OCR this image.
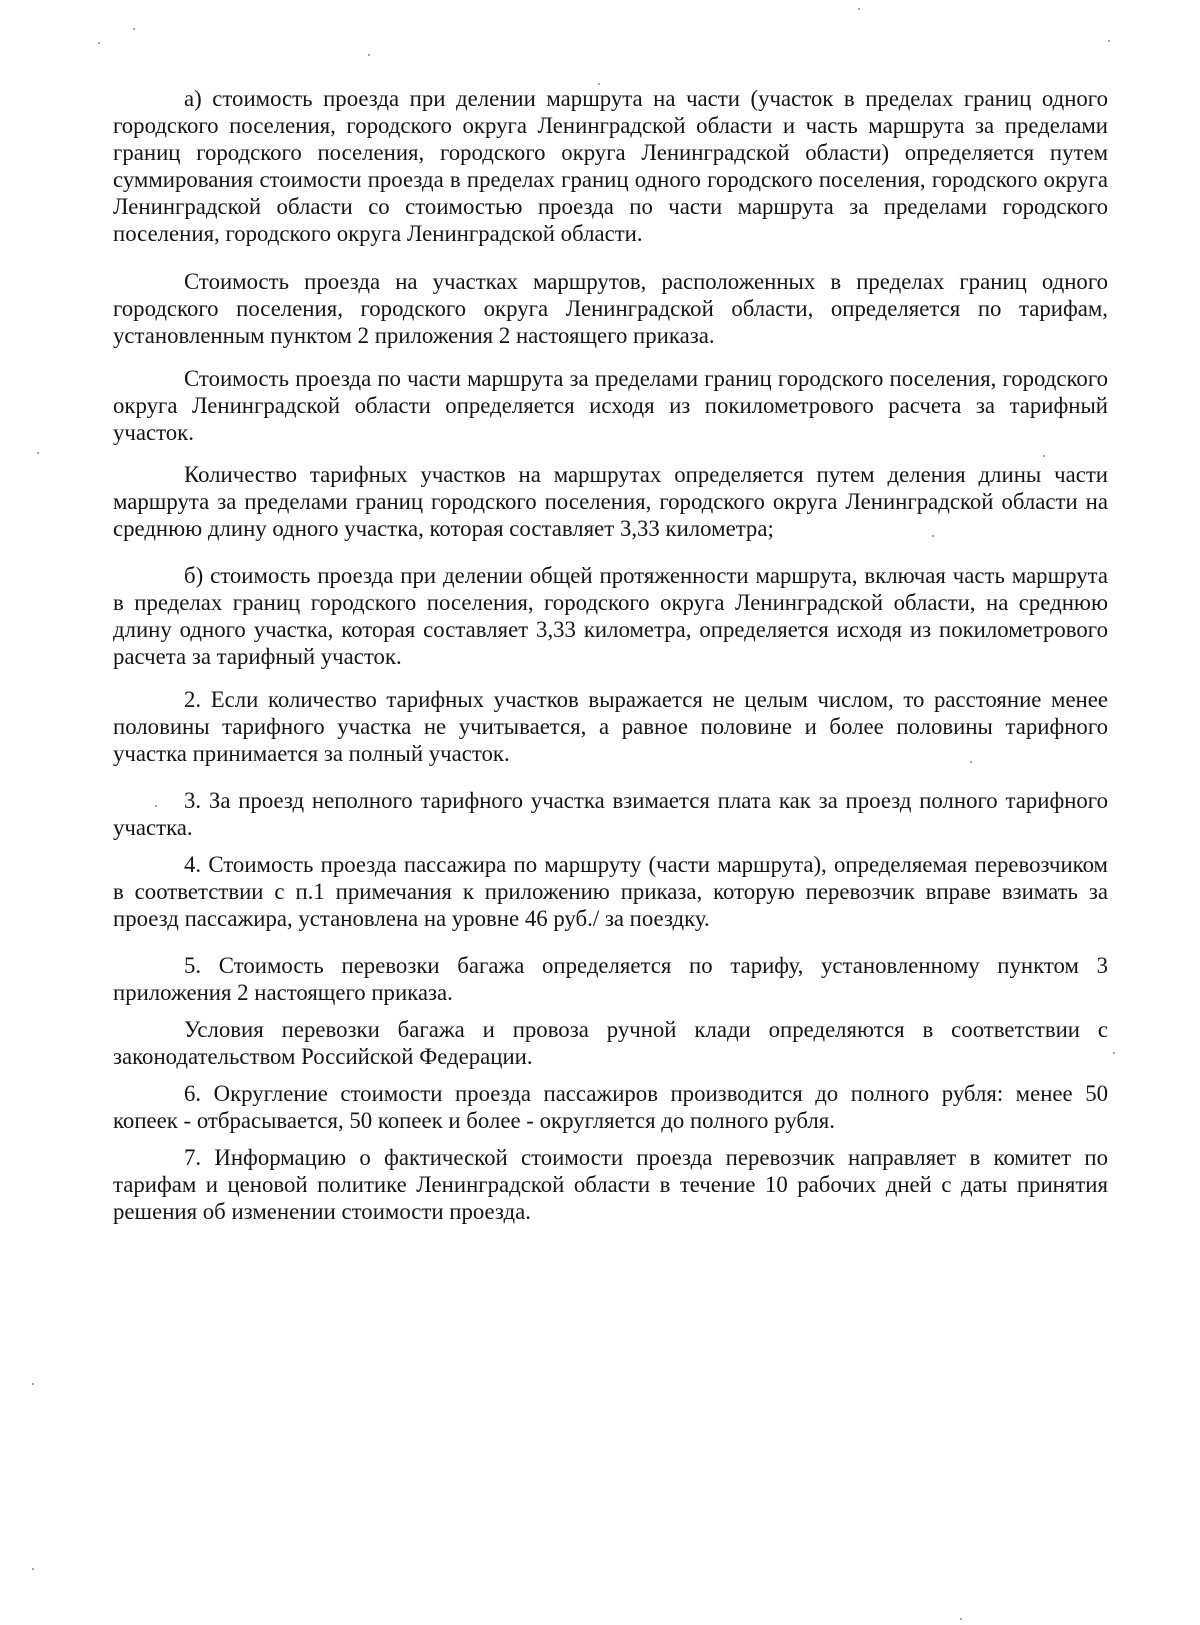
а) стоимость проезда при делении маршрута на части (участок в пределах границ одного городского поселения, городского округа Ленинградской области и часть маршрута за пределами границ городского поселения, городского округа Ленинградской области) определяется путем суммирования стоимости проезда в пределах границ одного городского поселения, городского округа Ленинградской области со стоимостью проезда по части маршрута за пределами городского поселения, городского округа Ленинградской области.

Стоимость проезда на участках маршрутов, расположенных в пределах границ одного городского поселения, городского округа Ленинградской области, определяется по тарифам, установленным пунктом 2 приложения 2 настоящего приказа.

Стоимость проезда по части маршрута за пределами границ городского поселения, городского округа Ленинградской области определяется исходя из покилометрового расчета за тарифный участок.

Количество тарифных участков на маршрутах определяется путем деления длины части маршрута за пределами границ городского поселения, городского округа Ленинградской области на среднюю длину одного участка, которая составляет 3,33 километра;

б) стоимость проезда при делении общей протяженности маршрута, включая часть маршрута в пределах границ городского поселения, городского округа Ленинградской области, на среднюю длину одного участка, которая составляет 3,33 километра, определяется исходя из покилометрового расчета за тарифный участок.

2. Если количество тарифных участков выражается не целым числом, то расстояние менее половины тарифного участка не учитывается, а равное половине и более половины тарифного участка принимается за полный участок.

3. За проезд неполного тарифного участка взимается плата как за проезд полного тарифного участка.

4. Стоимость проезда пассажира по маршруту (части маршрута), определяемая перевозчиком в соответствии с п.1 примечания к приложению приказа, которую перевозчик вправе взимать за проезд пассажира, установлена на уровне 46 руб./ за поездку.

5. Стоимость перевозки багажа определяется по тарифу, установленному пунктом 3 приложения 2 настоящего приказа.

Условия перевозки багажа и провоза ручной клади определяются в соответствии с законодательством Российской Федерации.

6. Округление стоимости проезда пассажиров производится до полного рубля: менее 50 копеек - отбрасывается, 50 копеек и более - округляется до полного рубля.

7. Информацию о фактической стоимости проезда перевозчик направляет в комитет по тарифам и ценовой политике Ленинградской области в течение 10 рабочих дней с даты принятия решения об изменении стоимости проезда.
